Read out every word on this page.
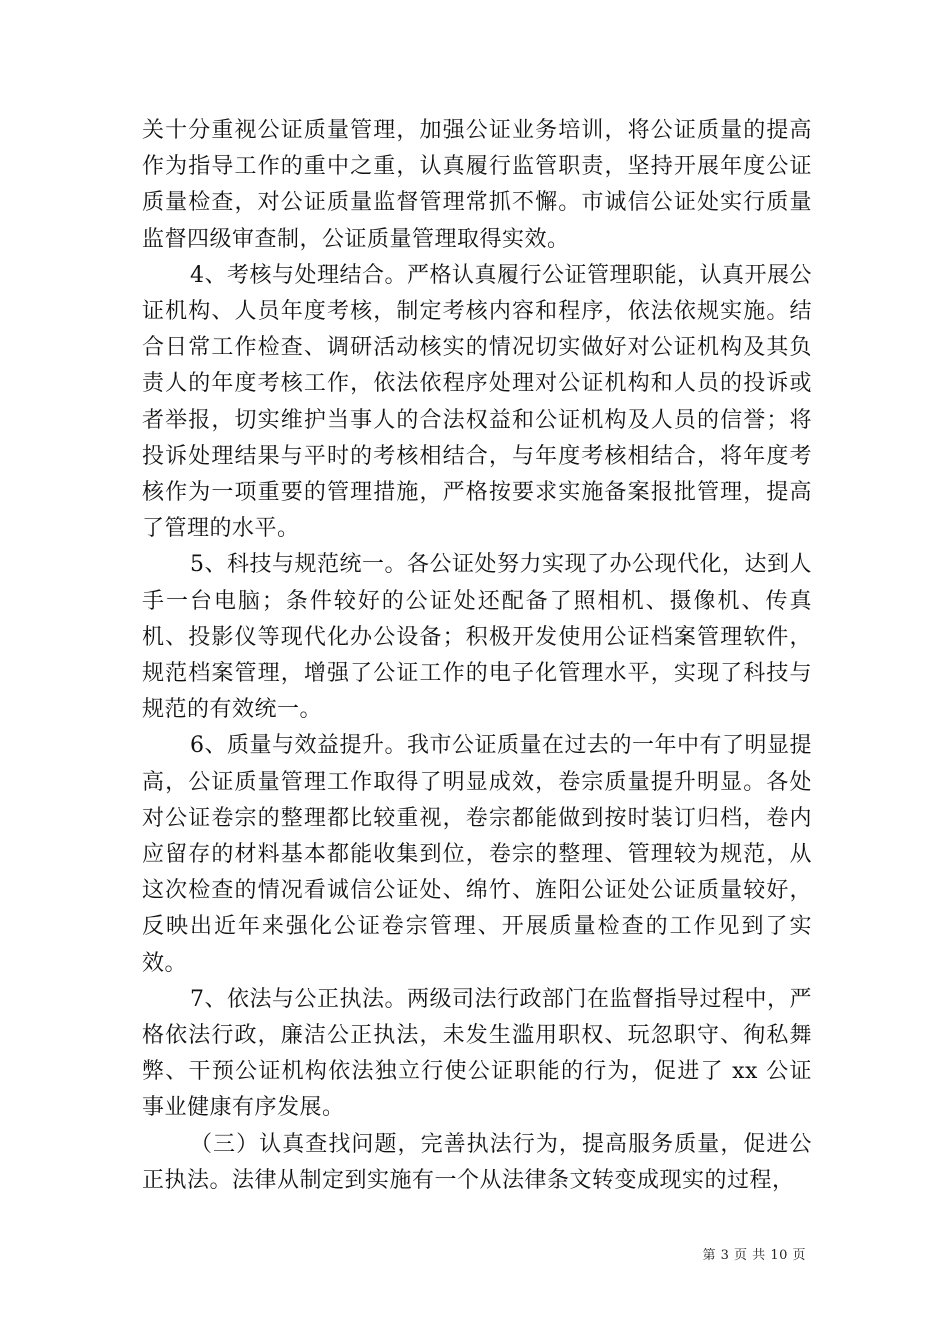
关十分重视公证质量管理，加强公证业务培训，将公证质量的提高作为指导工作的重中之重，认真履行监管职责，坚持开展年度公证质量检查，对公证质量监督管理常抓不懈。市诚信公证处实行质量监督四级审查制，公证质量管理取得实效。

4、考核与处理结合。严格认真履行公证管理职能，认真开展公证机构、人员年度考核，制定考核内容和程序，依法依规实施。结合日常工作检查、调研活动核实的情况切实做好对公证机构及其负责人的年度考核工作，依法依程序处理对公证机构和人员的投诉或者举报，切实维护当事人的合法权益和公证机构及人员的信誉；将投诉处理结果与平时的考核相结合，与年度考核相结合，将年度考核作为一项重要的管理措施，严格按要求实施备案报批管理，提高了管理的水平。

5、科技与规范统一。各公证处努力实现了办公现代化，达到人手一台电脑；条件较好的公证处还配备了照相机、摄像机、传真机、投影仪等现代化办公设备；积极开发使用公证档案管理软件，规范档案管理，增强了公证工作的电子化管理水平，实现了科技与规范的有效统一。

6、质量与效益提升。我市公证质量在过去的一年中有了明显提高，公证质量管理工作取得了明显成效，卷宗质量提升明显。各处对公证卷宗的整理都比较重视，卷宗都能做到按时装订归档，卷内应留存的材料基本都能收集到位，卷宗的整理、管理较为规范，从这次检查的情况看诚信公证处、绵竹、旌阳公证处公证质量较好，反映出近年来强化公证卷宗管理、开展质量检查的工作见到了实效。

7、依法与公正执法。两级司法行政部门在监督指导过程中，严格依法行政，廉洁公正执法，未发生滥用职权、玩忽职守、徇私舞弊、干预公证机构依法独立行使公证职能的行为，促进了 xx 公证事业健康有序发展。

（三）认真查找问题，完善执法行为，提高服务质量，促进公正执法。法律从制定到实施有一个从法律条文转变成现实的过程，

第 3 页 共 10 页
